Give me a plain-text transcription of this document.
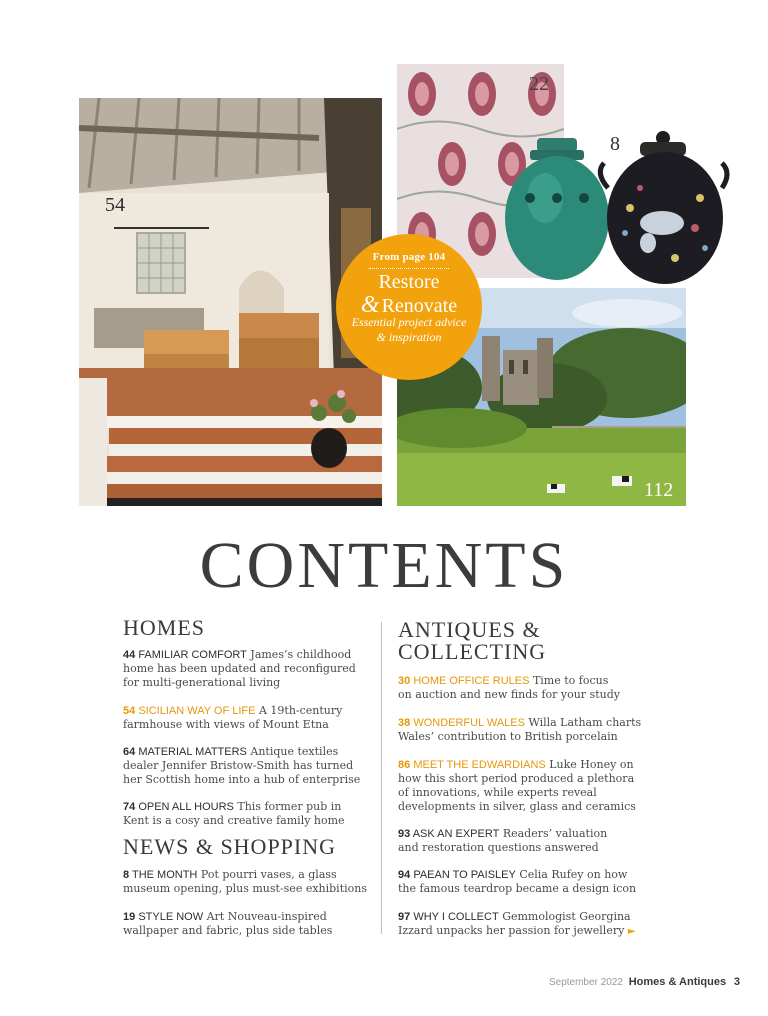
54
22
8
112
From page 104
Restore
& Renovate
Essential project advice
& inspiration
CONTENTS
HOMES
44 FAMILIAR COMFORT James’s childhood
home has been updated and reconfigured
for multi-generational living
54 SICILIAN WAY OF LIFE A 19th-century
farmhouse with views of Mount Etna
64 MATERIAL MATTERS Antique textiles
dealer Jennifer Bristow-Smith has turned
her Scottish home into a hub of enterprise
74 OPEN ALL HOURS This former pub in
Kent is a cosy and creative family home
NEWS & SHOPPING
8 THE MONTH Pot pourri vases, a glass
museum opening, plus must-see exhibitions
19 STYLE NOW Art Nouveau-inspired
wallpaper and fabric, plus side tables
ANTIQUES &
COLLECTING
30 HOME OFFICE RULES Time to focus
on auction and new finds for your study
38 WONDERFUL WALES Willa Latham charts
Wales’ contribution to British porcelain
86 MEET THE EDWARDIANS Luke Honey on
how this short period produced a plethora
of innovations, while experts reveal
developments in silver, glass and ceramics
93 ASK AN EXPERT Readers’ valuation
and restoration questions answered
94 PAEAN TO PAISLEY Celia Rufey on how
the famous teardrop became a design icon
97 WHY I COLLECT Gemmologist Georgina
Izzard unpacks her passion for jewellery ►
September 2022 Homes & Antiques 3
